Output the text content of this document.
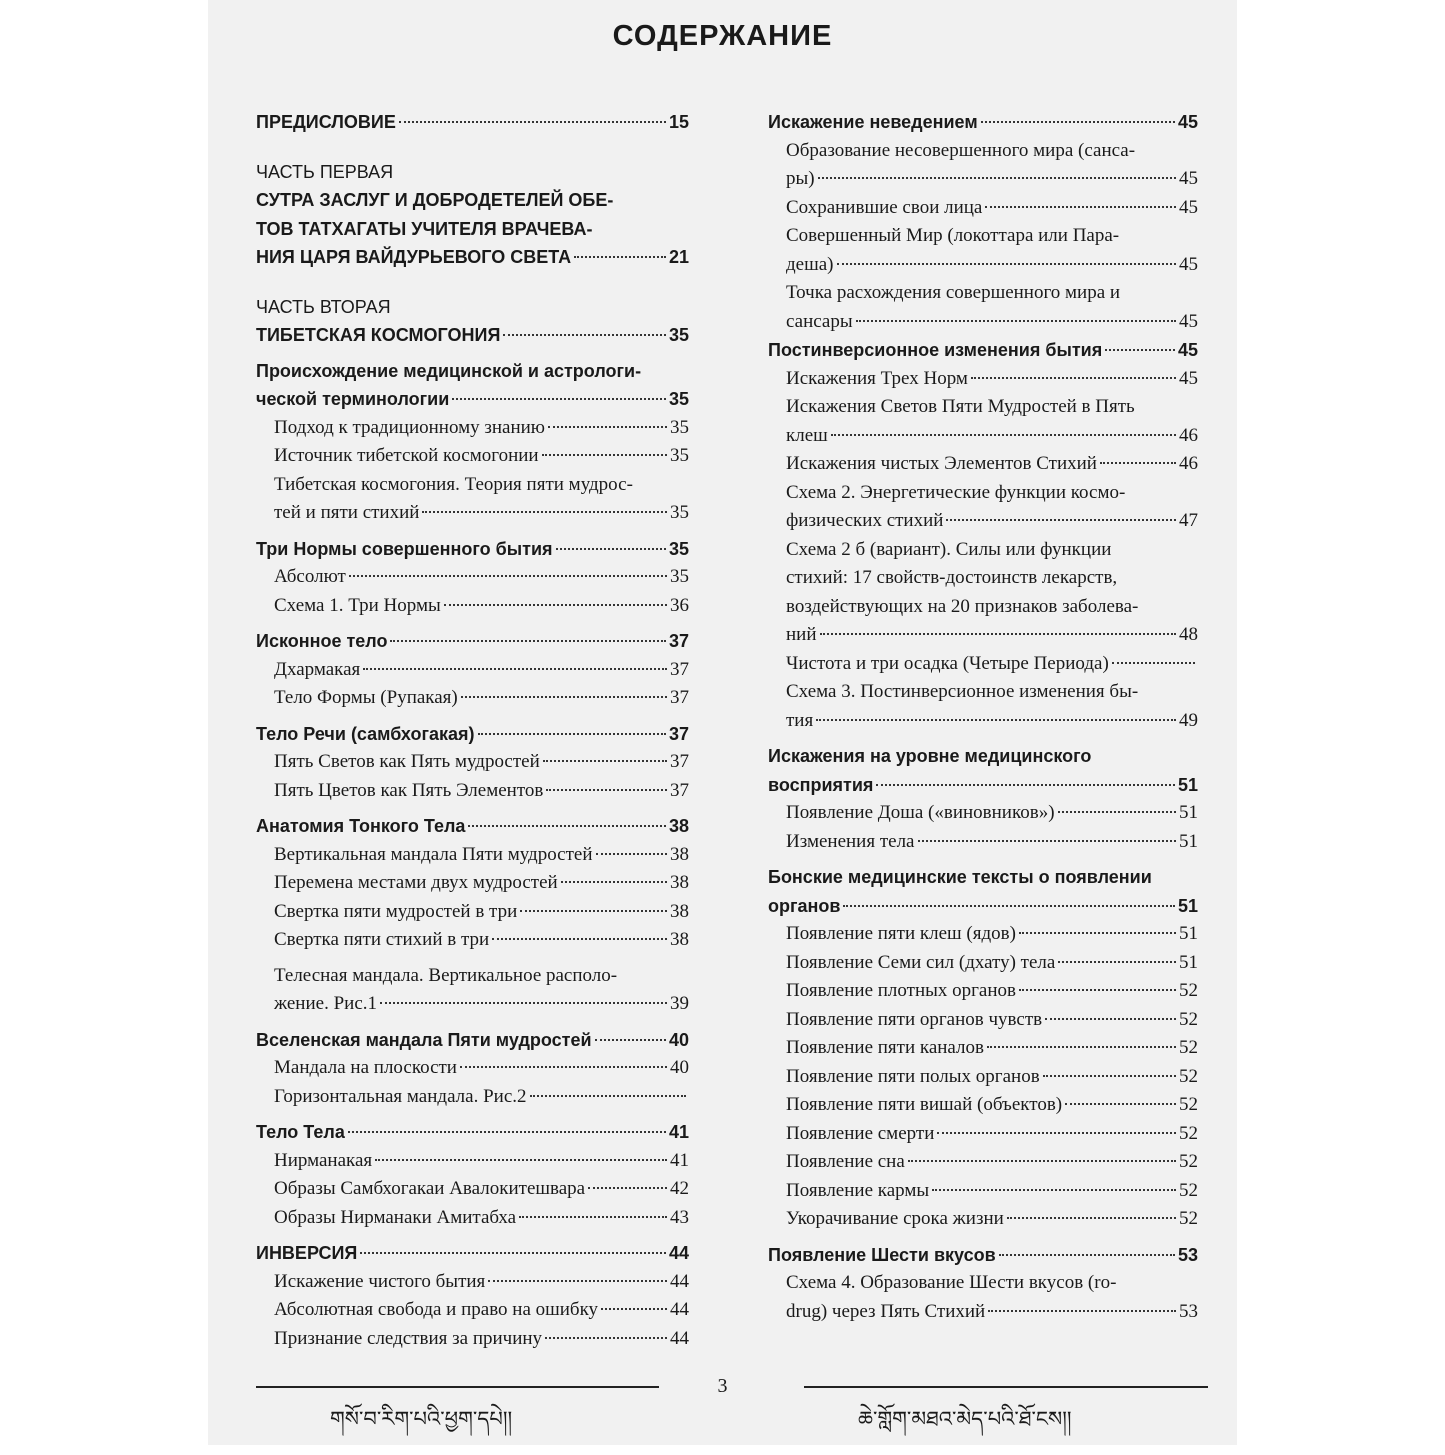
СОДЕРЖАНИЕ
ПРЕДИСЛОВИЕ	15
ЧАСТЬ ПЕРВАЯ
СУТРА ЗАСЛУГ И ДОБРОДЕТЕЛЕЙ ОБЕ-
ТОВ ТАТХАГАТЫ УЧИТЕЛЯ ВРАЧЕВА-
НИЯ ЦАРЯ ВАЙДУРЬЕВОГО СВЕТА	21
ЧАСТЬ ВТОРАЯ
ТИБЕТСКАЯ КОСМОГОНИЯ	35
Происхождение медицинской и астрологи-
ческой терминологии	35
Подход к традиционному знанию	35
Источник тибетской космогонии	35
Тибетская космогония. Теория пяти мудрос-
тей и пяти стихий	35
Три Нормы совершенного бытия	35
Абсолют	35
Схема 1. Три Нормы	36
Исконное тело	37
Дхармакая	37
Тело Формы (Рупакая)	37
Тело Речи (самбхогакая)	37
Пять Светов как Пять мудростей	37
Пять Цветов как Пять Элементов	37
Анатомия Тонкого Тела	38
Вертикальная мандала Пяти мудростей	38
Перемена местами двух мудростей	38
Свертка пяти мудростей в три	38
Свертка пяти стихий в три	38
Телесная мандала. Вертикальное располо-
жение. Рис.1	39
Вселенская мандала Пяти мудростей	40
Мандала на плоскости	40
Горизонтальная мандала. Рис.2
Тело Тела	41
Нирманакая	41
Образы Самбхогакаи Авалокитешвара	42
Образы Нирманаки Амитабха	43
ИНВЕРСИЯ	44
Искажение чистого бытия	44
Абсолютная свобода и право на ошибку	44
Признание следствия за причину	44
Искажение неведением	45
Образование несовершенного мира (санса-
ры)	45
Сохранившие свои лица	45
Совершенный Мир (локоттара или Пара-
деша)	45
Точка расхождения совершенного мира и
сансары	45
Постинверсионное изменения бытия	45
Искажения Трех Норм	45
Искажения Светов Пяти Мудростей в Пять
клеш	46
Искажения чистых Элементов Стихий	46
Схема 2. Энергетические функции космо-
физических стихий	47
Схема 2 б (вариант). Силы или функции
стихий: 17 свойств-достоинств лекарств,
воздействующих на 20 признаков заболева-
ний	48
Чистота и три осадка (Четыре Периода)
Схема 3. Постинверсионное изменения бы-
тия	49
Искажения на уровне медицинского
восприятия	51
Появление Доша («виновников»)	51
Изменения тела	51
Бонские медицинские тексты о появлении
органов	51
Появление пяти клеш (ядов)	51
Появление Семи сил (дхату) тела	51
Появление плотных органов	52
Появление пяти органов чувств	52
Появление пяти каналов	52
Появление пяти полых органов	52
Появление пяти вишай (объектов)	52
Появление смерти	52
Появление сна	52
Появление кармы	52
Укорачивание срока жизни	52
Появление Шести вкусов	53
Схема 4. Образование Шести вкусов (ro-
drug) через Пять Стихий	53
3
གསོ་བ་རིག་པའི་ཕྱག་དཔེ།།	ཆེ་གློག་མཐའ་མེད་པའི་ཐོ་ངས།།
